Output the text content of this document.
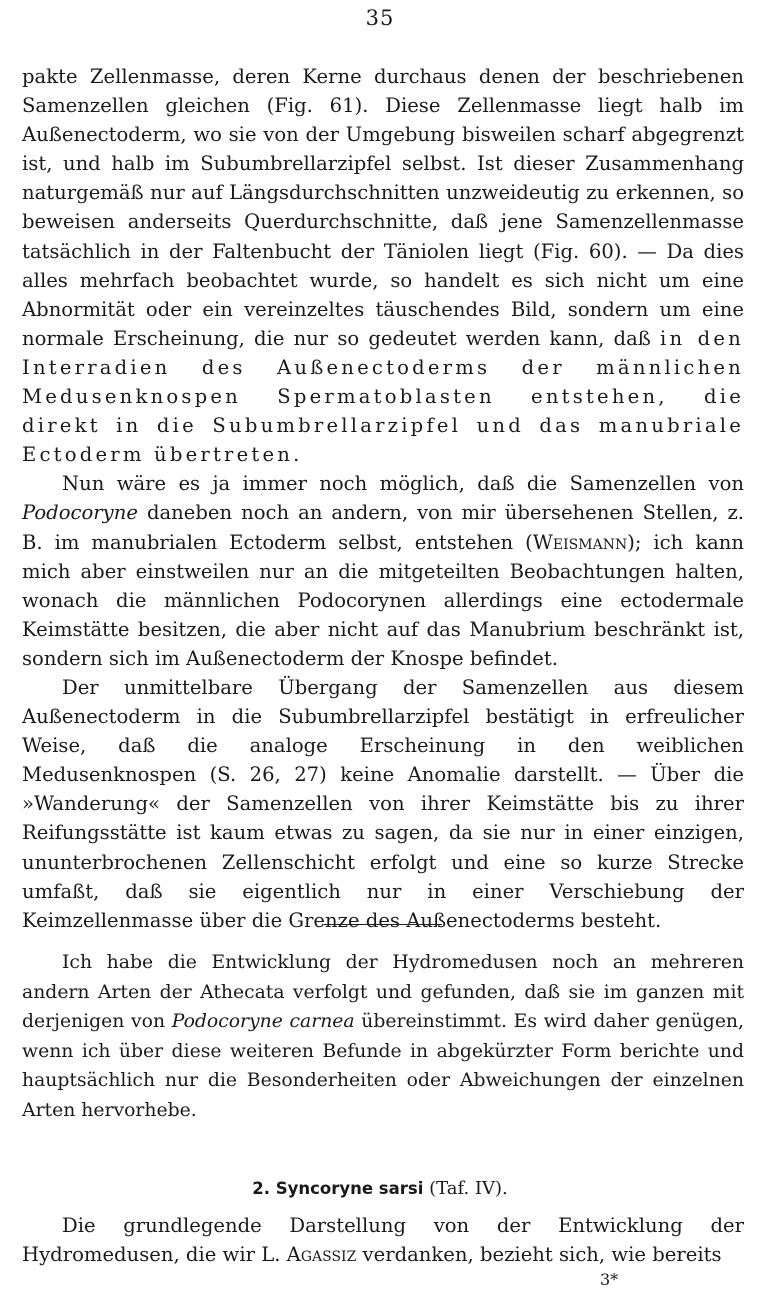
35

pakte Zellenmasse, deren Kerne durchaus denen der beschriebenen Samenzellen gleichen (Fig. 61). Diese Zellenmasse liegt halb im Außenectoderm, wo sie von der Umgebung bisweilen scharf abgegrenzt ist, und halb im Subumbrellarzipfel selbst. Ist dieser Zusammenhang naturgemäß nur auf Längsdurchschnitten unzweideutig zu erkennen, so beweisen anderseits Querdurchschnitte, daß jene Samenzellenmasse tatsächlich in der Faltenbucht der Täniolen liegt (Fig. 60). — Da dies alles mehrfach beobachtet wurde, so handelt es sich nicht um eine Abnormität oder ein vereinzeltes täuschendes Bild, sondern um eine normale Erscheinung, die nur so gedeutet werden kann, daß in den Interradien des Außenectoderms der männlichen Medusenknospen Spermatoblasten entstehen, die direkt in die Subumbrellarzipfel und das manubriale Ectoderm übertreten.

Nun wäre es ja immer noch möglich, daß die Samenzellen von Podocoryne daneben noch an andern, von mir übersehenen Stellen, z. B. im manubrialen Ectoderm selbst, entstehen (Weismann); ich kann mich aber einstweilen nur an die mitgeteilten Beobachtungen halten, wonach die männlichen Podocorynen allerdings eine ectodermale Keimstätte besitzen, die aber nicht auf das Manubrium beschränkt ist, sondern sich im Außenectoderm der Knospe befindet.

Der unmittelbare Übergang der Samenzellen aus diesem Außenectoderm in die Subumbrellarzipfel bestätigt in erfreulicher Weise, daß die analoge Erscheinung in den weiblichen Medusenknospen (S. 26, 27) keine Anomalie darstellt. — Über die »Wanderung« der Samenzellen von ihrer Keimstätte bis zu ihrer Reifungsstätte ist kaum etwas zu sagen, da sie nur in einer einzigen, ununterbrochenen Zellenschicht erfolgt und eine so kurze Strecke umfaßt, daß sie eigentlich nur in einer Verschiebung der Keimzellenmasse über die Grenze des Außenectoderms besteht.

Ich habe die Entwicklung der Hydromedusen noch an mehreren andern Arten der Athecata verfolgt und gefunden, daß sie im ganzen mit derjenigen von Podocoryne carnea übereinstimmt. Es wird daher genügen, wenn ich über diese weiteren Befunde in abgekürzter Form berichte und hauptsächlich nur die Besonderheiten oder Abweichungen der einzelnen Arten hervorhebe.

2. Syncoryne sarsi (Taf. IV).

Die grundlegende Darstellung von der Entwicklung der Hydromedusen, die wir L. Agassiz verdanken, bezieht sich, wie bereits

3*
